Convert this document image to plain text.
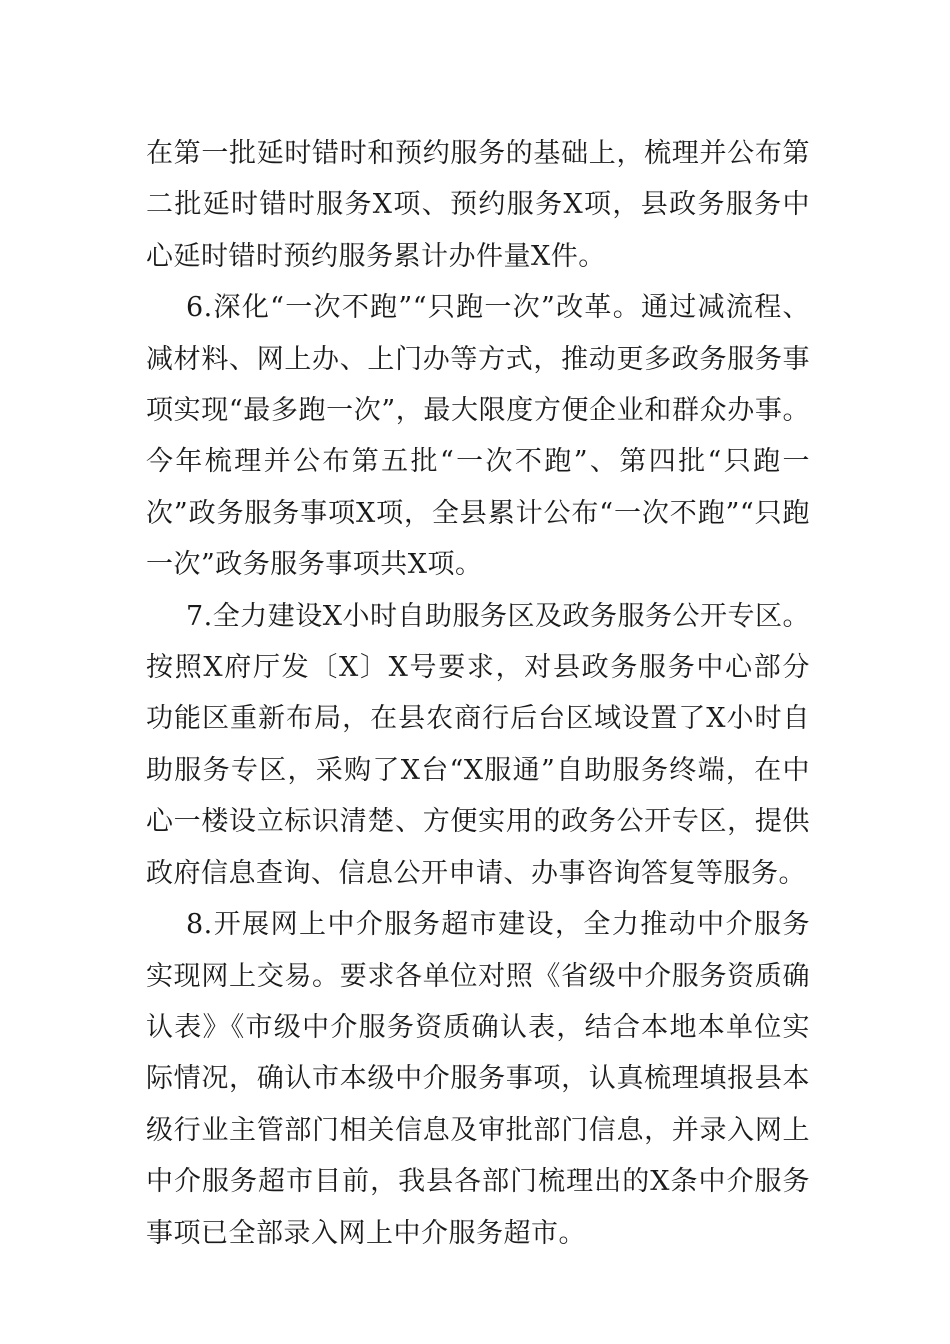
在第一批延时错时和预约服务的基础上，梳理并公布第二批延时错时服务X项、预约服务X项，县政务服务中心延时错时预约服务累计办件量X件。

6.深化“一次不跑”“只跑一次”改革。通过减流程、减材料、网上办、上门办等方式，推动更多政务服务事项实现“最多跑一次”，最大限度方便企业和群众办事。今年梳理并公布第五批“一次不跑”、第四批“只跑一次”政务服务事项X项，全县累计公布“一次不跑”“只跑一次”政务服务事项共X项。

7.全力建设X小时自助服务区及政务服务公开专区。按照X府厅发〔X〕X号要求，对县政务服务中心部分功能区重新布局，在县农商行后台区域设置了X小时自助服务专区，采购了X台“X服通”自助服务终端，在中心一楼设立标识清楚、方便实用的政务公开专区，提供政府信息查询、信息公开申请、办事咨询答复等服务。

8.开展网上中介服务超市建设，全力推动中介服务实现网上交易。要求各单位对照《省级中介服务资质确认表》《市级中介服务资质确认表，结合本地本单位实际情况，确认市本级中介服务事项，认真梳理填报县本级行业主管部门相关信息及审批部门信息，并录入网上中介服务超市目前，我县各部门梳理出的X条中介服务事项已全部录入网上中介服务超市。
